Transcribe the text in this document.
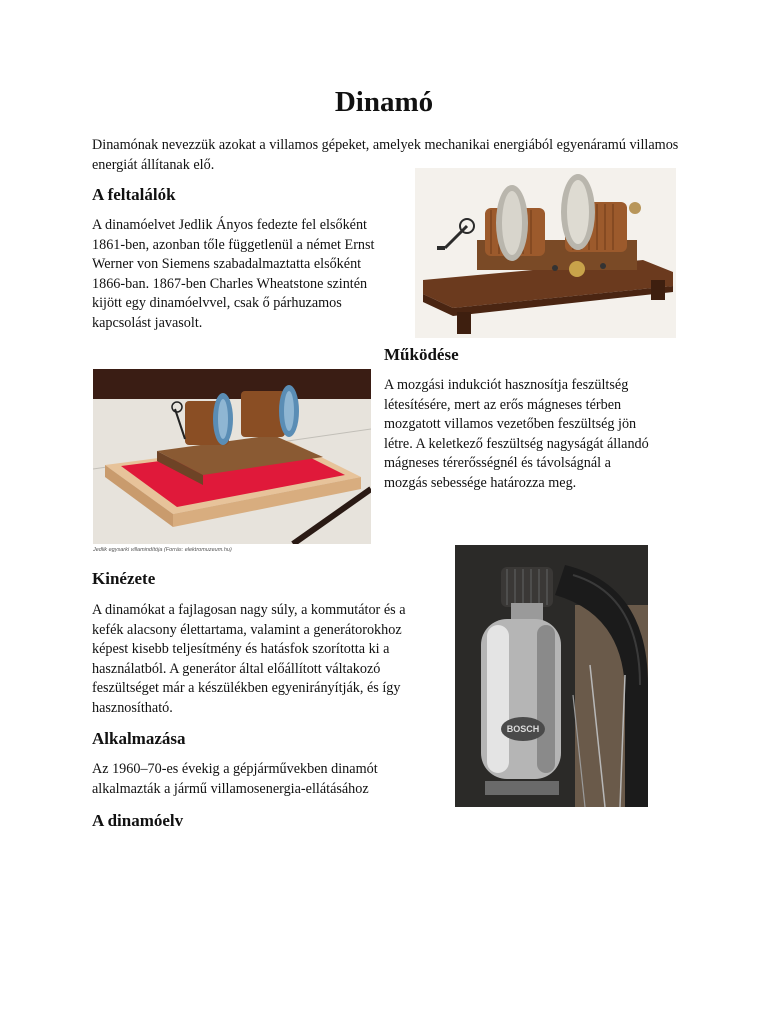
Dinamó
Dinamónak nevezzük azokat a villamos gépeket, amelyek mechanikai energiából egyenáramú villamos energiát állítanak elő.
A feltalálók
A dinamóelvet Jedlik Ányos fedezte fel elsőként
1861-ben, azonban tőle függetlenül a német Ernst
Werner von Siemens szabadalmaztatta elsőként
1866-ban. 1867-ben Charles Wheatstone szintén
kijött egy dinamóelvvel, csak ő párhuzamos
kapcsolást javasolt.
Működése
A mozgási indukciót hasznosítja feszültség
létesítésére, mert az erős mágneses térben
mozgatott villamos vezetőben feszültség jön
létre. A keletkező feszültség nagyságát állandó
mágneses térerősségnél és távolságnál a
mozgás sebessége határozza meg.
Jedlik egysarki villamindítója (Forrás: elektromuzeum.hu)
Kinézete
A dinamókat a fajlagosan nagy súly, a kommutátor és a
kefék alacsony élettartama, valamint a generátorokhoz
képest kisebb teljesítmény és hatásfok szorította ki a
használatból. A generátor által előállított váltakozó
feszültséget már a készülékben egyenirányítják, és így
hasznosítható.
BOSCH
Alkalmazása
Az 1960–70-es évekig a gépjárművekben dinamót
alkalmazták a jármű villamosenergia-ellátásához
A dinamóelv
